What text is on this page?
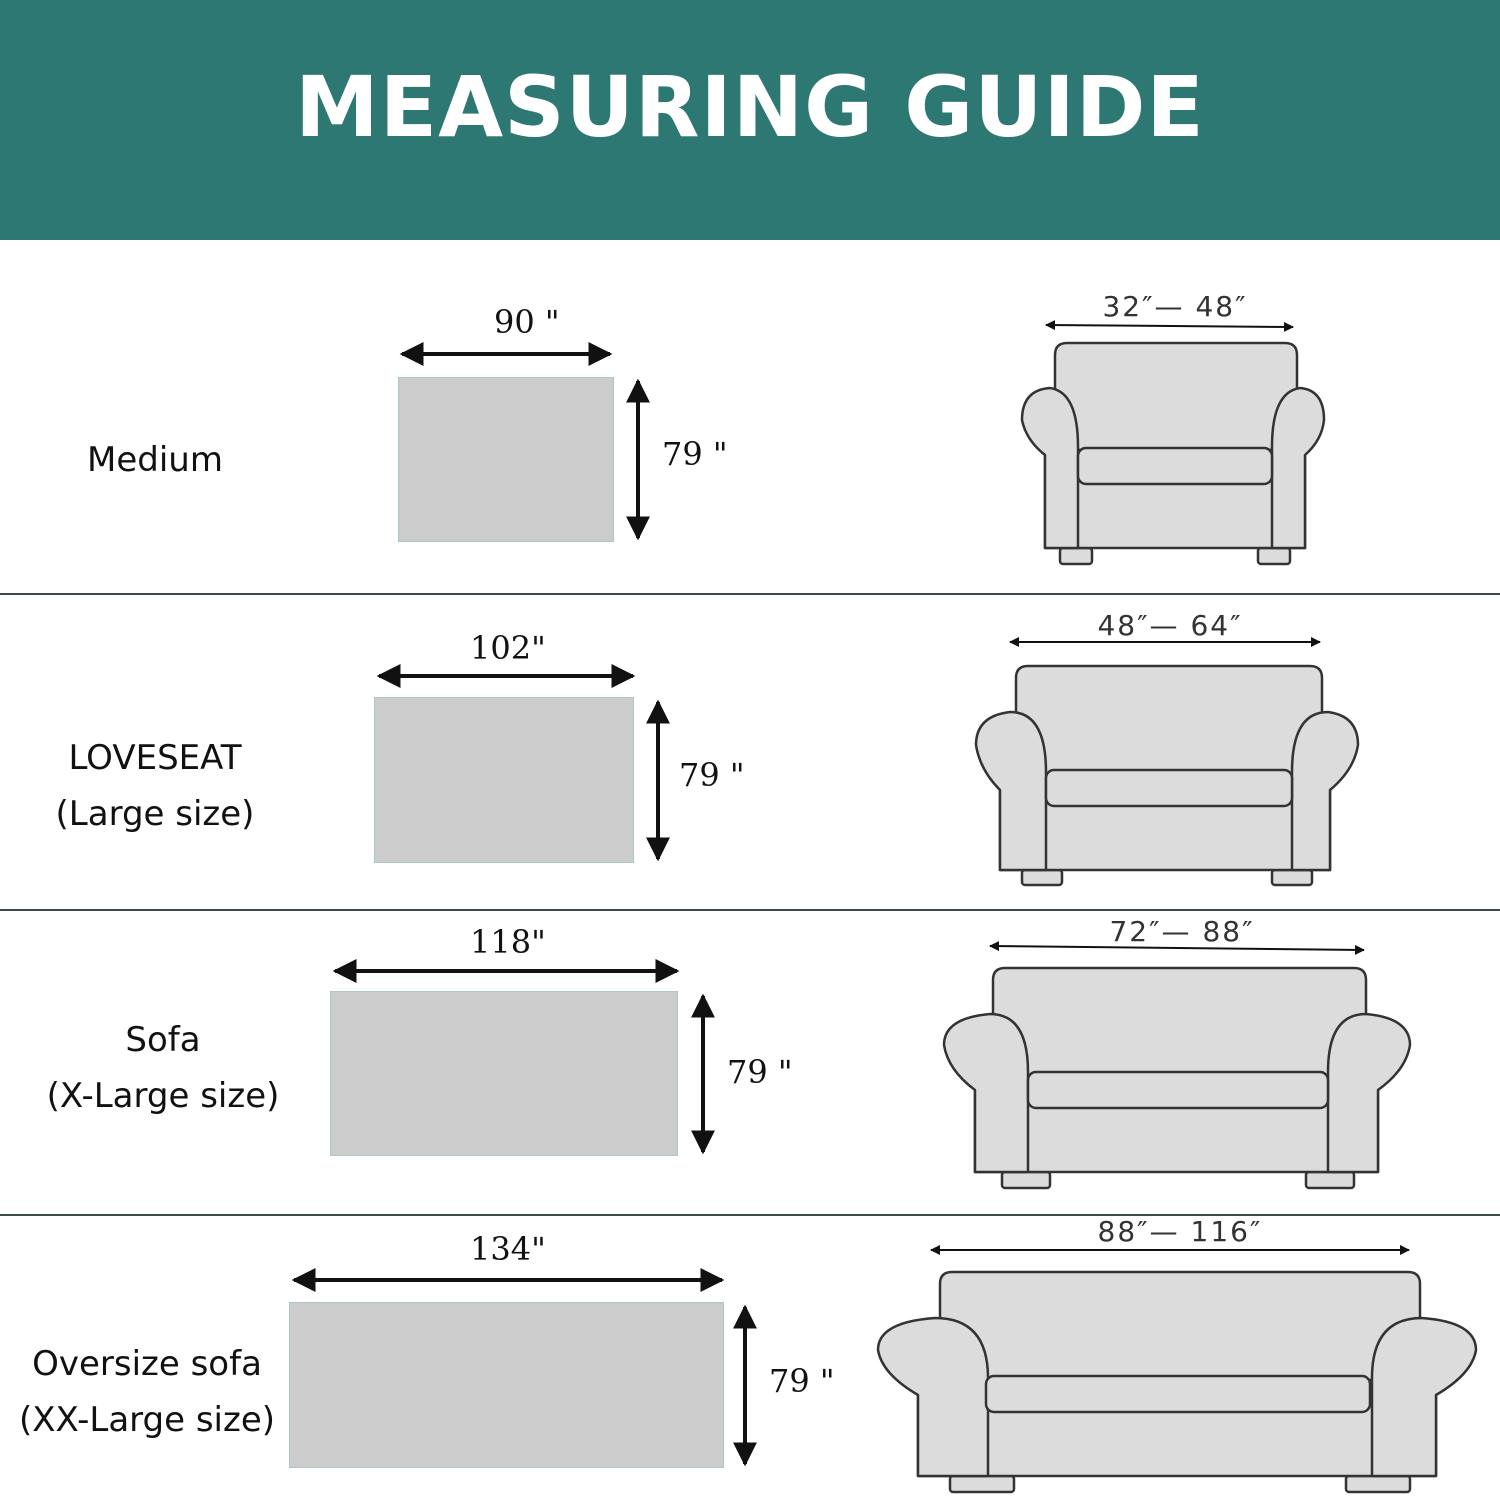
MEASURING GUIDE
Medium
90 "
79 "
32″— 48″
LOVESEAT
(Large size)
102"
79 "
48″— 64″
Sofa
(X-Large size)
118"
79 "
72″— 88″
Oversize sofa
(XX-Large size)
134"
79 "
88″— 116″
